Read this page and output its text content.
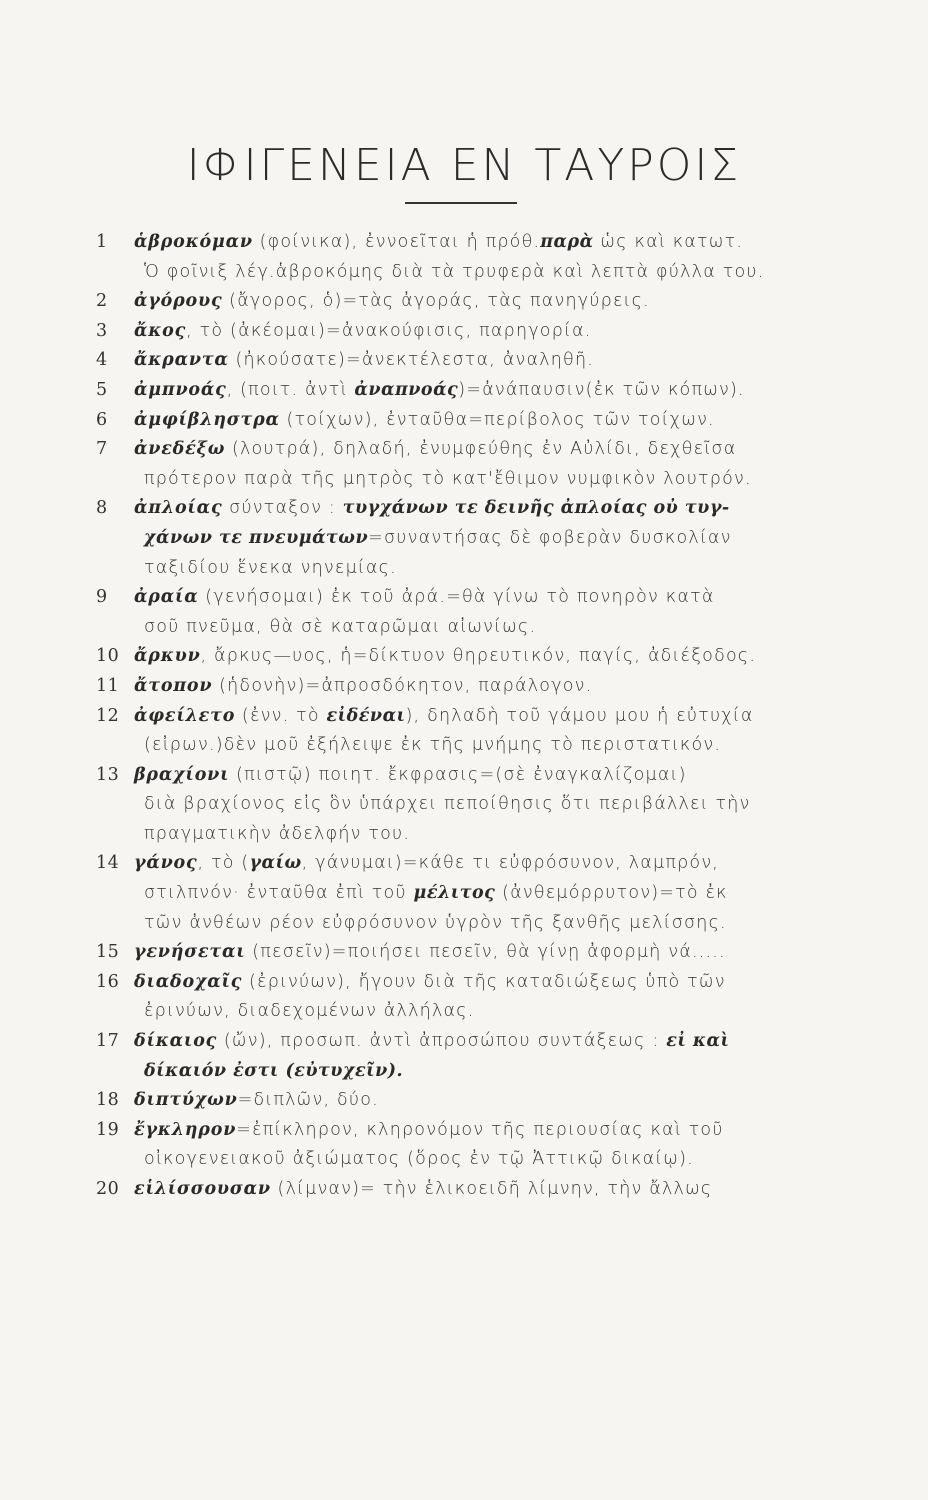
ΙΦΙΓΕΝΕΙΑ ΕΝ ΤΑΥΡΟΙΣ
1	ἁβροκόμαν (φοίνικα), ἐννοεῖται ἡ πρόθ.παρὰ ὡς καὶ κατωτ.
Ὁ φοῖνιξ λέγ.ἁβροκόμης διὰ τὰ τρυφερὰ καὶ λεπτὰ φύλλα του.
2	ἀγόρους (ἄγορος, ὁ)=τὰς ἀγοράς, τὰς πανηγύρεις.
3	ἄκος, τὸ (ἀκέομαι)=ἀνακούφισις, παρηγορία.
4	ἄκραντα (ἠκούσατε)=ἀνεκτέλεστα, ἀναληθῆ.
5	ἀμπνοάς, (ποιτ. ἀντὶ ἀναπνοάς)=ἀνάπαυσιν(ἐκ τῶν κόπων).
6	ἀμφίβληστρα (τοίχων), ἐνταῦθα=περίβολος τῶν τοίχων.
7	ἀνεδέξω (λουτρά), δηλαδή, ἐνυμφεύθης ἐν Αὐλίδι, δεχθεῖσα
πρότερον παρὰ τῆς μητρὸς τὸ κατ'ἔθιμον νυμφικὸν λουτρόν.
8	ἀπλοίας σύνταξον : τυγχάνων τε δεινῆς ἀπλοίας οὐ τυγ-
χάνων τε πνευμάτων=συναντήσας δὲ φοβερὰν δυσκολίαν
ταξιδίου ἕνεκα νηνεμίας.
9	ἀραία (γενήσομαι) ἐκ τοῦ ἀρά.=θὰ γίνω τὸ πονηρὸν κατὰ
σοῦ πνεῦμα, θὰ σὲ καταρῶμαι αἰωνίως.
10 ἄρκυν, ἄρκυς—υος, ἡ=δίκτυον θηρευτικόν, παγίς, ἀδιέξοδος.
11 ἄτοπον (ἡδονὴν)=ἀπροσδόκητον, παράλογον.
12 ἀφείλετο (ἐνν. τὸ εἰδέναι), δηλαδὴ τοῦ γάμου μου ἡ εὐτυχία
(εἰρων.)δὲν μοῦ ἐξήλειψε ἐκ τῆς μνήμης τὸ περιστατικόν.
13 βραχίονι (πιστῷ) ποιητ. ἔκφρασις=(σὲ ἐναγκαλίζομαι)
διὰ βραχίονος εἰς ὃν ὑπάρχει πεποίθησις ὅτι περιβάλλει τὴν
πραγματικὴν ἀδελφήν του.
14 γάνος, τὸ (γαίω, γάνυμαι)=κάθε τι εὐφρόσυνον, λαμπρόν,
στιλπνόν· ἐνταῦθα ἐπὶ τοῦ μέλιτος (ἀνθεμόρρυτον)=τὸ ἐκ
τῶν ἀνθέων ρέον εὐφρόσυνον ὑγρὸν τῆς ξανθῆς μελίσσης.
15 γενήσεται (πεσεῖν)=ποιήσει πεσεῖν, θὰ γίνῃ ἀφορμὴ νά.....
16 διαδοχαῖς (ἐρινύων), ἤγουν διὰ τῆς καταδιώξεως ὑπὸ τῶν
ἐρινύων, διαδεχομένων ἀλλήλας.
17 δίκαιος (ὤν), προσωπ. ἀντὶ ἀπροσώπου συντάξεως : εἰ καὶ
δίκαιόν ἐστι (εὐτυχεῖν).
18 διπτύχων=διπλῶν, δύο.
19 ἔγκληρον=ἐπίκληρον, κληρονόμον τῆς περιουσίας καὶ τοῦ
οἰκογενειακοῦ ἀξιώματος (ὅρος ἐν τῷ Ἀττικῷ δικαίῳ).
20 εἱλίσσουσαν (λίμναν)= τὴν ἑλικοειδῆ λίμνην, τὴν ἄλλως
